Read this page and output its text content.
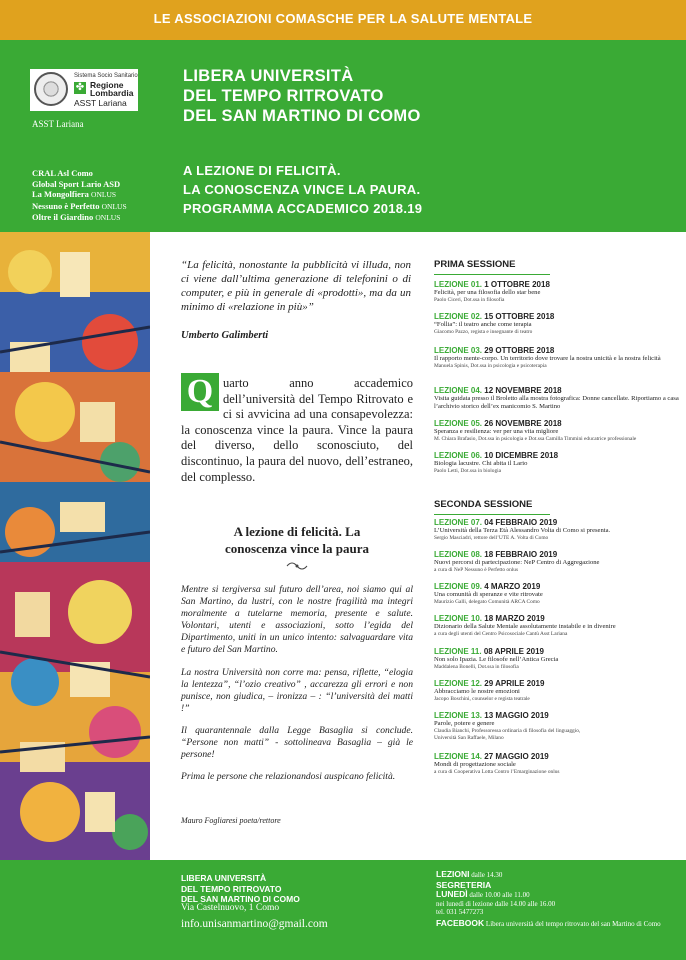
LE ASSOCIAZIONI COMASCHE PER LA SALUTE MENTALE
Sistema Socio Sanitario
✤ Regione Lombardia
ASST Lariana
ASST Lariana
LIBERA UNIVERSITÀ
DEL TEMPO RITROVATO
DEL SAN MARTINO DI COMO
CRAL Asl Como
Global Sport Lario ASD
La Mongolfiera ONLUS
Nessuno è Perfetto ONLUS
Oltre il Giardino ONLUS
A LEZIONE DI FELICITÀ.
LA CONOSCENZA VINCE LA PAURA.
PROGRAMMA ACCADEMICO 2018.19
“La felicità, nonostante la pubblicità vi illuda, non ci viene dall’ultima generazione di telefonini o di computer, e più in generale di «prodotti», ma da un minimo di «relazione in più»”
Umberto Galimberti
Q uarto anno accademico dell’università del Tempo Ritrovato e ci si avvicina ad una consapevolezza: la conoscenza vince la paura. Vince la paura del diverso, dello sconosciuto, del discontinuo, la paura del nuovo, dell’estraneo, del complesso.
A lezione di felicità. La
conoscenza vince la paura

Mentre si tergiversa sul futuro dell’area, noi siamo qui al San Martino, da lustri, con le nostre fragilità ma integri moralmente a tutelarne memoria, presente e salute. Volontari, utenti e associazioni, sotto l’egida del Dipartimento, uniti in un unico intento: salvaguardare vita e futuro del San Martino.

La nostra Università non corre ma: pensa, riflette, “elogia la lentezza”, “l’ozio creativo” , accarezza gli errori e non punisce, non giudica, – ironizza – : “l’università dei matti !”

Il quarantennale dalla Legge Basaglia si conclude. “Persone non matti” - sottolineava Basaglia – già le persone!

Prima le persone che relazionandosi auspicano felicità.

Mauro Fogliaresi poeta/rettore
PRIMA SESSIONE
LEZIONE 01. 1 OTTOBRE 2018
Felicità, per una filosofia dello star bene
Paolo Ciceri, Dot.ssa in filosofia
LEZIONE 02. 15 OTTOBRE 2018
“Follia”: il teatro anche come terapia
Giacomo Pazzo, regista e insegnante di teatro
LEZIONE 03. 29 OTTOBRE 2018
Il rapporto mente-corpo. Un territorio dove trovare la nostra unicità e la nostra felicità
Manuela Spinis, Dot.ssa in psicologia e psicoterapia
LEZIONE 04. 12 NOVEMBRE 2018
Visita guidata presso il Broletto alla mostra fotografica: Donne cancellate. Riportiamo a casa l’archivio storico dell’ex manicomio S. Martino
LEZIONE 05. 26 NOVEMBRE 2018
Speranza e resilienza: ver per una vita migliore
M. Chiara Brafasio, Dot.ssa in psicologia e Dot.ssa Camilla Timmini educatrice professionale
LEZIONE 06. 10 DICEMBRE 2018
Biologia lacustre. Chi abita il Lario
Paolo Letti, Dot.ssa in biologia
SECONDA SESSIONE
LEZIONE 07. 04 FEBBRAIO 2019
L’Università della Terza Età Alessandro Volta di Como si presenta.
Sergio Masciadri, rettore dell’UTE A. Volta di Como
LEZIONE 08. 18 FEBBRAIO 2019
Nuovi percorsi di partecipazione: NeP Centro di Aggregazione
a cura di NeP Nessuno è Perfetto onlus
LEZIONE 09. 4 MARZO 2019
Una comunità di speranze e vite ritrovate
Maurizio Galli, delegato Comunità ARCA Como
LEZIONE 10. 18 MARZO 2019
Dizionario della Salute Mentale assolutamente instabile e in divenire
a cura degli utenti del Centro Psicosociale Cantù Asst Lariana
LEZIONE 11. 08 APRILE 2019
Non solo Ipazia. Le filosofe nell’Antica Grecia
Maddalena Bonelli, Dot.ssa in filosofia
LEZIONE 12. 29 APRILE 2019
Abbracciamo le nostre emozioni
Jacopo Boschini, counselor e regista teatrale
LEZIONE 13. 13 MAGGIO 2019
Parole, potere e genere
Claudia Bianchi, Professoressa ordinaria di filosofia del linguaggio, Università San Raffaele, Milano
LEZIONE 14. 27 MAGGIO 2019
Mondi di progettazione sociale
a cura di Cooperativa Lotta Contro l’Emarginazione onlus
LIBERA UNIVERSITÀ
DEL TEMPO RITROVATO
DEL SAN MARTINO DI COMO
Via Castelnuovo, 1 Como
info.unisanmartino@gmail.com
LEZIONI dalle 14.30
SEGRETERIA
LUNEDÌ dalle 10.00 alle 11.00
nei lunedì di lezione dalle 14.00 alle 16.00
tel. 031 5477273
FACEBOOK Libera università del tempo ritrovato del san Martino di Como
